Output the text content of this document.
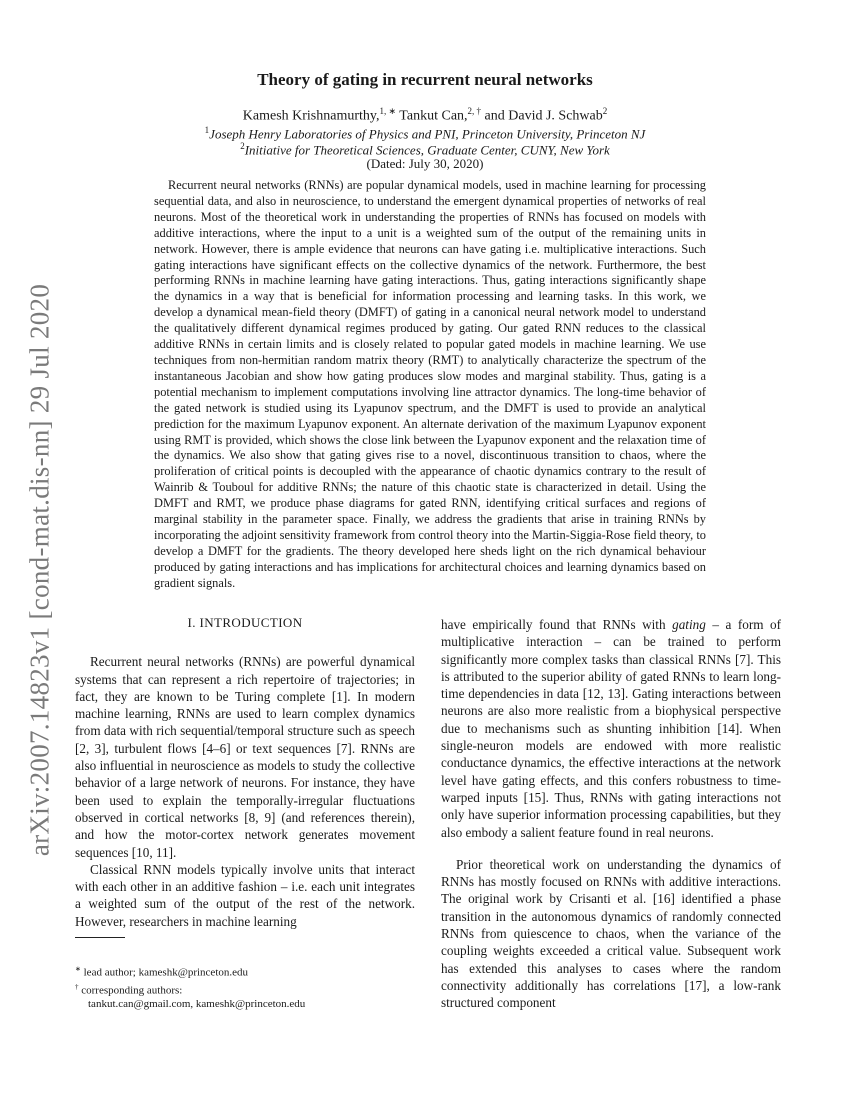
arXiv:2007.14823v1 [cond-mat.dis-nn] 29 Jul 2020
Theory of gating in recurrent neural networks
Kamesh Krishnamurthy,$^{1, ∗}$ Tankut Can,$^{2, \dagger}$ and David J. Schwab$^2$
$^1$Joseph Henry Laboratories of Physics and PNI, Princeton University, Princeton NJ
$^2$Initiative for Theoretical Sciences, Graduate Center, CUNY, New York
(Dated: July 30, 2020)

Recurrent neural networks (RNNs) are popular dynamical models, used in machine learning for processing sequential data, and also in neuroscience, to understand the emergent dynamical properties of networks of real neurons. Most of the theoretical work in understanding the properties of RNNs has focused on models with additive interactions, where the input to a unit is a weighted sum of the output of the remaining units in network. However, there is ample evidence that neurons can have gating i.e. multiplicative interactions. Such gating interactions have significant effects on the collective dynamics of the network. Furthermore, the best performing RNNs in machine learning have gating interactions. Thus, gating interactions significantly shape the dynamics in a way that is beneficial for information processing and learning tasks. In this work, we develop a dynamical mean-field theory (DMFT) of gating in a canonical neural network model to understand the qualitatively different dynamical regimes produced by gating. Our gated RNN reduces to the classical additive RNNs in certain limits and is closely related to popular gated models in machine learning. We use techniques from non-hermitian random matrix theory (RMT) to analytically characterize the spectrum of the instantaneous Jacobian and show how gating produces slow modes and marginal stability. Thus, gating is a potential mechanism to implement computations involving line attractor dynamics. The long-time behavior of the gated network is studied using its Lyapunov spectrum, and the DMFT is used to provide an analytical prediction for the maximum Lyapunov exponent. An alternate derivation of the maximum Lyapunov exponent using RMT is provided, which shows the close link between the Lyapunov exponent and the relaxation time of the dynamics. We also show that gating gives rise to a novel, discontinuous transition to chaos, where the proliferation of critical points is decoupled with the appearance of chaotic dynamics contrary to the result of Wainrib & Touboul for additive RNNs; the nature of this chaotic state is characterized in detail. Using the DMFT and RMT, we produce phase diagrams for gated RNN, identifying critical surfaces and regions of marginal stability in the parameter space. Finally, we address the gradients that arise in training RNNs by incorporating the adjoint sensitivity framework from control theory into the Martin-Siggia-Rose field theory, to develop a DMFT for the gradients. The theory developed here sheds light on the rich dynamical behaviour produced by gating interactions and has implications for architectural choices and learning dynamics based on gradient signals.

I. INTRODUCTION

Recurrent neural networks (RNNs) are powerful dynamical systems that can represent a rich repertoire of trajectories; in fact, they are known to be Turing complete [1]. In modern machine learning, RNNs are used to learn complex dynamics from data with rich sequential/temporal structure such as speech [2, 3], turbulent flows [4–6] or text sequences [7]. RNNs are also influential in neuroscience as models to study the collective behavior of a large network of neurons. For instance, they have been used to explain the temporally-irregular fluctuations observed in cortical networks [8, 9] (and references therein), and how the motor-cortex network generates movement sequences [10, 11].

Classical RNN models typically involve units that interact with each other in an additive fashion – i.e. each unit integrates a weighted sum of the output of the rest of the network. However, researchers in machine learning

have empirically found that RNNs with gating – a form of multiplicative interaction – can be trained to perform significantly more complex tasks than classical RNNs [7]. This is attributed to the superior ability of gated RNNs to learn long-time dependencies in data [12, 13]. Gating interactions between neurons are also more realistic from a biophysical perspective due to mechanisms such as shunting inhibition [14]. When single-neuron models are endowed with more realistic conductance dynamics, the effective interactions at the network level have gating effects, and this confers robustness to time-warped inputs [15]. Thus, RNNs with gating interactions not only have superior information processing capabilities, but they also embody a salient feature found in real neurons.

Prior theoretical work on understanding the dynamics of RNNs has mostly focused on RNNs with additive interactions. The original work by Crisanti et al. [16] identified a phase transition in the autonomous dynamics of randomly connected RNNs from quiescence to chaos, when the variance of the coupling weights exceeded a critical value. Subsequent work has extended this analyses to cases where the random connectivity additionally has correlations [17], a low-rank structured component

∗ lead author; kameshk@princeton.edu
† corresponding authors:
tankut.can@gmail.com, kameshk@princeton.edu
